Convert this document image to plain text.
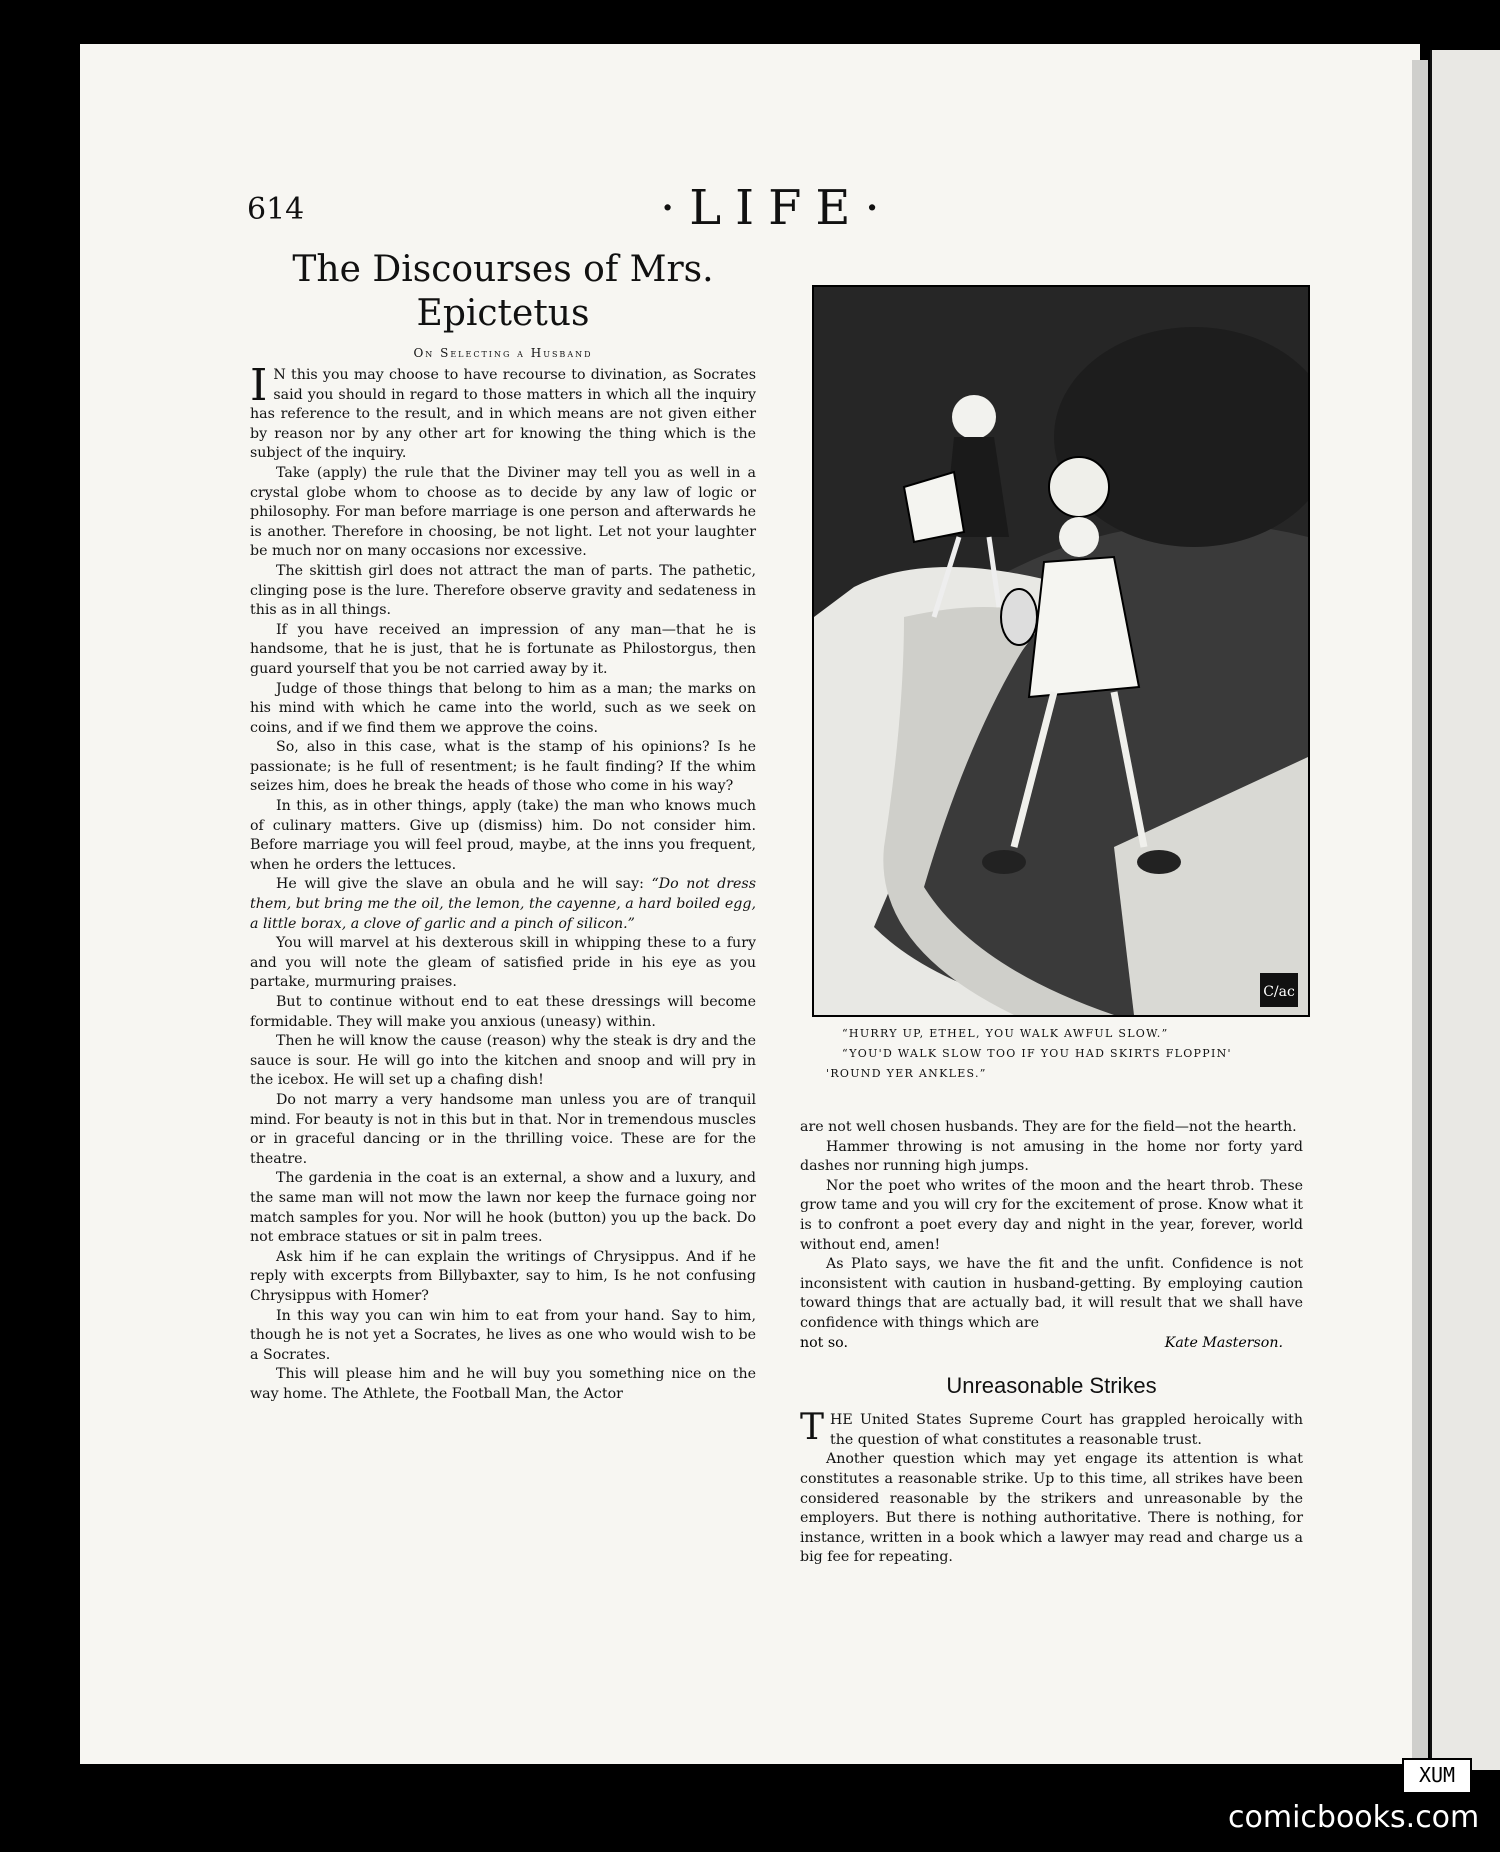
614	·LIFE·
The Discourses of Mrs.
Epictetus
On Selecting a Husband

I N this you may choose to have recourse to divination, as Socrates said you should in regard to those matters in which all the inquiry has reference to the result, and in which means are not given either by reason nor by any other art for knowing the thing which is the subject of the inquiry.

Take (apply) the rule that the Diviner may tell you as well in a crystal globe whom to choose as to decide by any law of logic or philosophy. For man before marriage is one person and afterwards he is another. Therefore in choosing, be not light. Let not your laughter be much nor on many occasions nor excessive.

The skittish girl does not attract the man of parts. The pathetic, clinging pose is the lure. Therefore observe gravity and sedateness in this as in all things.

If you have received an impression of any man—that he is handsome, that he is just, that he is fortunate as Philostorgus, then guard yourself that you be not carried away by it.

Judge of those things that belong to him as a man; the marks on his mind with which he came into the world, such as we seek on coins, and if we find them we approve the coins.

So, also in this case, what is the stamp of his opinions? Is he passionate; is he full of resentment; is he fault finding? If the whim seizes him, does he break the heads of those who come in his way?

In this, as in other things, apply (take) the man who knows much of culinary matters. Give up (dismiss) him. Do not consider him. Before marriage you will feel proud, maybe, at the inns you frequent, when he orders the lettuces.

He will give the slave an obula and he will say: “Do not dress them, but bring me the oil, the lemon, the cayenne, a hard boiled egg, a little borax, a clove of garlic and a pinch of silicon.”

You will marvel at his dexterous skill in whipping these to a fury and you will note the gleam of satisfied pride in his eye as you partake, murmuring praises.

But to continue without end to eat these dressings will become formidable. They will make you anxious (uneasy) within.

Then he will know the cause (reason) why the steak is dry and the sauce is sour. He will go into the kitchen and snoop and will pry in the icebox. He will set up a chafing dish!

Do not marry a very handsome man unless you are of tranquil mind. For beauty is not in this but in that. Nor in tremendous muscles or in graceful dancing or in the thrilling voice. These are for the theatre.

The gardenia in the coat is an external, a show and a luxury, and the same man will not mow the lawn nor keep the furnace going nor match samples for you. Nor will he hook (button) you up the back. Do not embrace statues or sit in palm trees.

Ask him if he can explain the writings of Chrysippus. And if he reply with excerpts from Billybaxter, say to him, Is he not confusing Chrysippus with Homer?

In this way you can win him to eat from your hand. Say to him, though he is not yet a Socrates, he lives as one who would wish to be a Socrates.

This will please him and he will buy you something nice on the way home. The Athlete, the Football Man, the Actor

C/ac
“HURRY UP, ETHEL, YOU WALK AWFUL SLOW.”
“YOU'D WALK SLOW TOO IF YOU HAD SKIRTS FLOPPIN'
'ROUND YER ANKLES.”

are not well chosen husbands. They are for the field—not the hearth.

Hammer throwing is not amusing in the home nor forty yard dashes nor running high jumps.

Nor the poet who writes of the moon and the heart throb. These grow tame and you will cry for the excitement of prose. Know what it is to confront a poet every day and night in the year, forever, world without end, amen!

As Plato says, we have the fit and the unfit. Confidence is not inconsistent with caution in husband-getting. By employing caution toward things that are actually bad, it will result that we shall have confidence with things which are

not so.	Kate Masterson.
Unreasonable Strikes

THE United States Supreme Court has grappled heroically with the question of what constitutes a reasonable trust.

Another question which may yet engage its attention is what constitutes a reasonable strike. Up to this time, all strikes have been considered reasonable by the strikers and unreasonable by the employers. But there is nothing authoritative. There is nothing, for instance, written in a book which a lawyer may read and charge us a big fee for repeating.

XUM
comicbooks.com
